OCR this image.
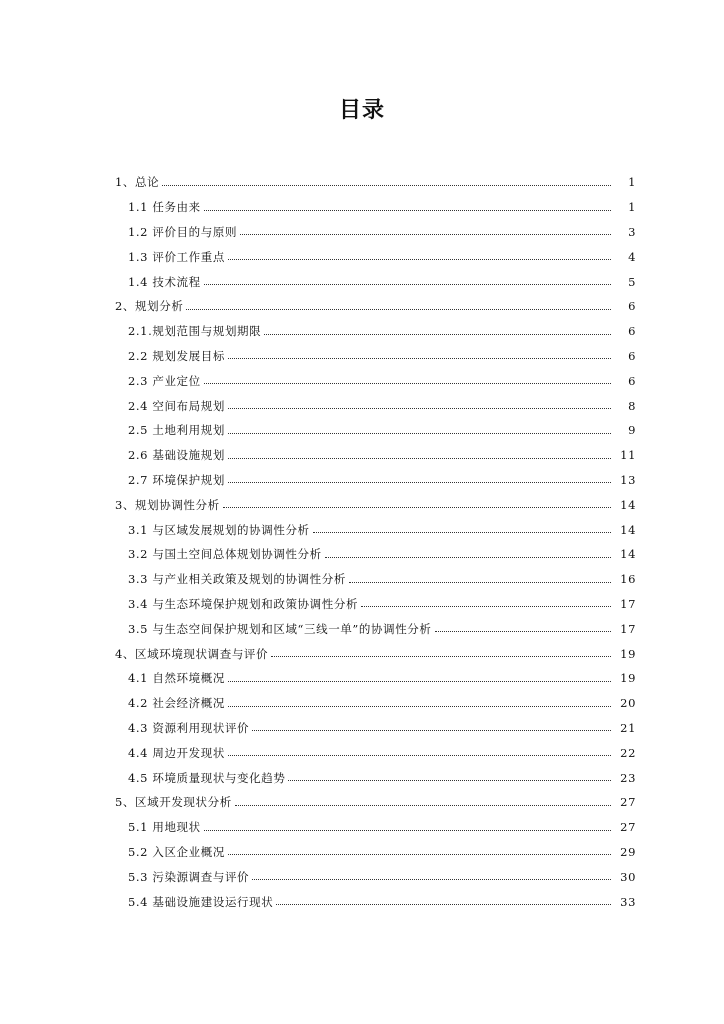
目录
1、总论	1
1.1 任务由来	1
1.2 评价目的与原则	3
1.3 评价工作重点	4
1.4 技术流程	5
2、规划分析	6
2.1.规划范围与规划期限	6
2.2 规划发展目标	6
2.3 产业定位	6
2.4 空间布局规划	8
2.5 土地利用规划	9
2.6 基础设施规划	11
2.7 环境保护规划	13
3、规划协调性分析	14
3.1 与区域发展规划的协调性分析	14
3.2 与国土空间总体规划协调性分析	14
3.3 与产业相关政策及规划的协调性分析	16
3.4 与生态环境保护规划和政策协调性分析	17
3.5 与生态空间保护规划和区域“三线一单”的协调性分析	17
4、区域环境现状调查与评价	19
4.1 自然环境概况	19
4.2 社会经济概况	20
4.3 资源利用现状评价	21
4.4 周边开发现状	22
4.5 环境质量现状与变化趋势	23
5、区域开发现状分析	27
5.1 用地现状	27
5.2 入区企业概况	29
5.3 污染源调查与评价	30
5.4 基础设施建设运行现状	33
